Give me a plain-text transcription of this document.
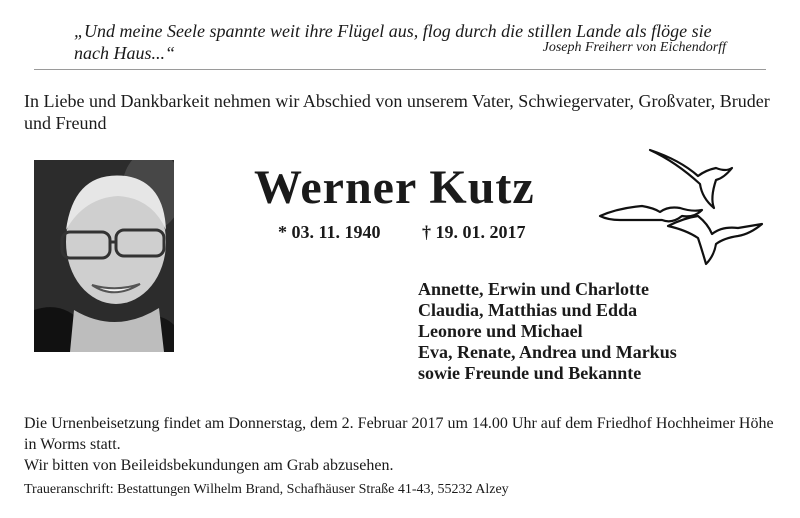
„Und meine Seele spannte weit ihre Flügel aus, flog durch die stillen Lande als flöge sie nach Haus...“	Joseph Freiherr von Eichendorff
In Liebe und Dankbarkeit nehmen wir Abschied von unserem Vater, Schwiegervater, Großvater, Bruder und Freund
Werner Kutz
* 03. 11. 1940 † 19. 01. 2017
Annette, Erwin und Charlotte
Claudia, Matthias und Edda
Leonore und Michael
Eva, Renate, Andrea und Markus
sowie Freunde und Bekannte
Die Urnenbeisetzung findet am Donnerstag, dem 2. Februar 2017 um 14.00 Uhr auf dem Friedhof Hochheimer Höhe in Worms statt.
Wir bitten von Beileidsbekundungen am Grab abzusehen.
Traueranschrift: Bestattungen Wilhelm Brand, Schafhäuser Straße 41-43, 55232 Alzey
